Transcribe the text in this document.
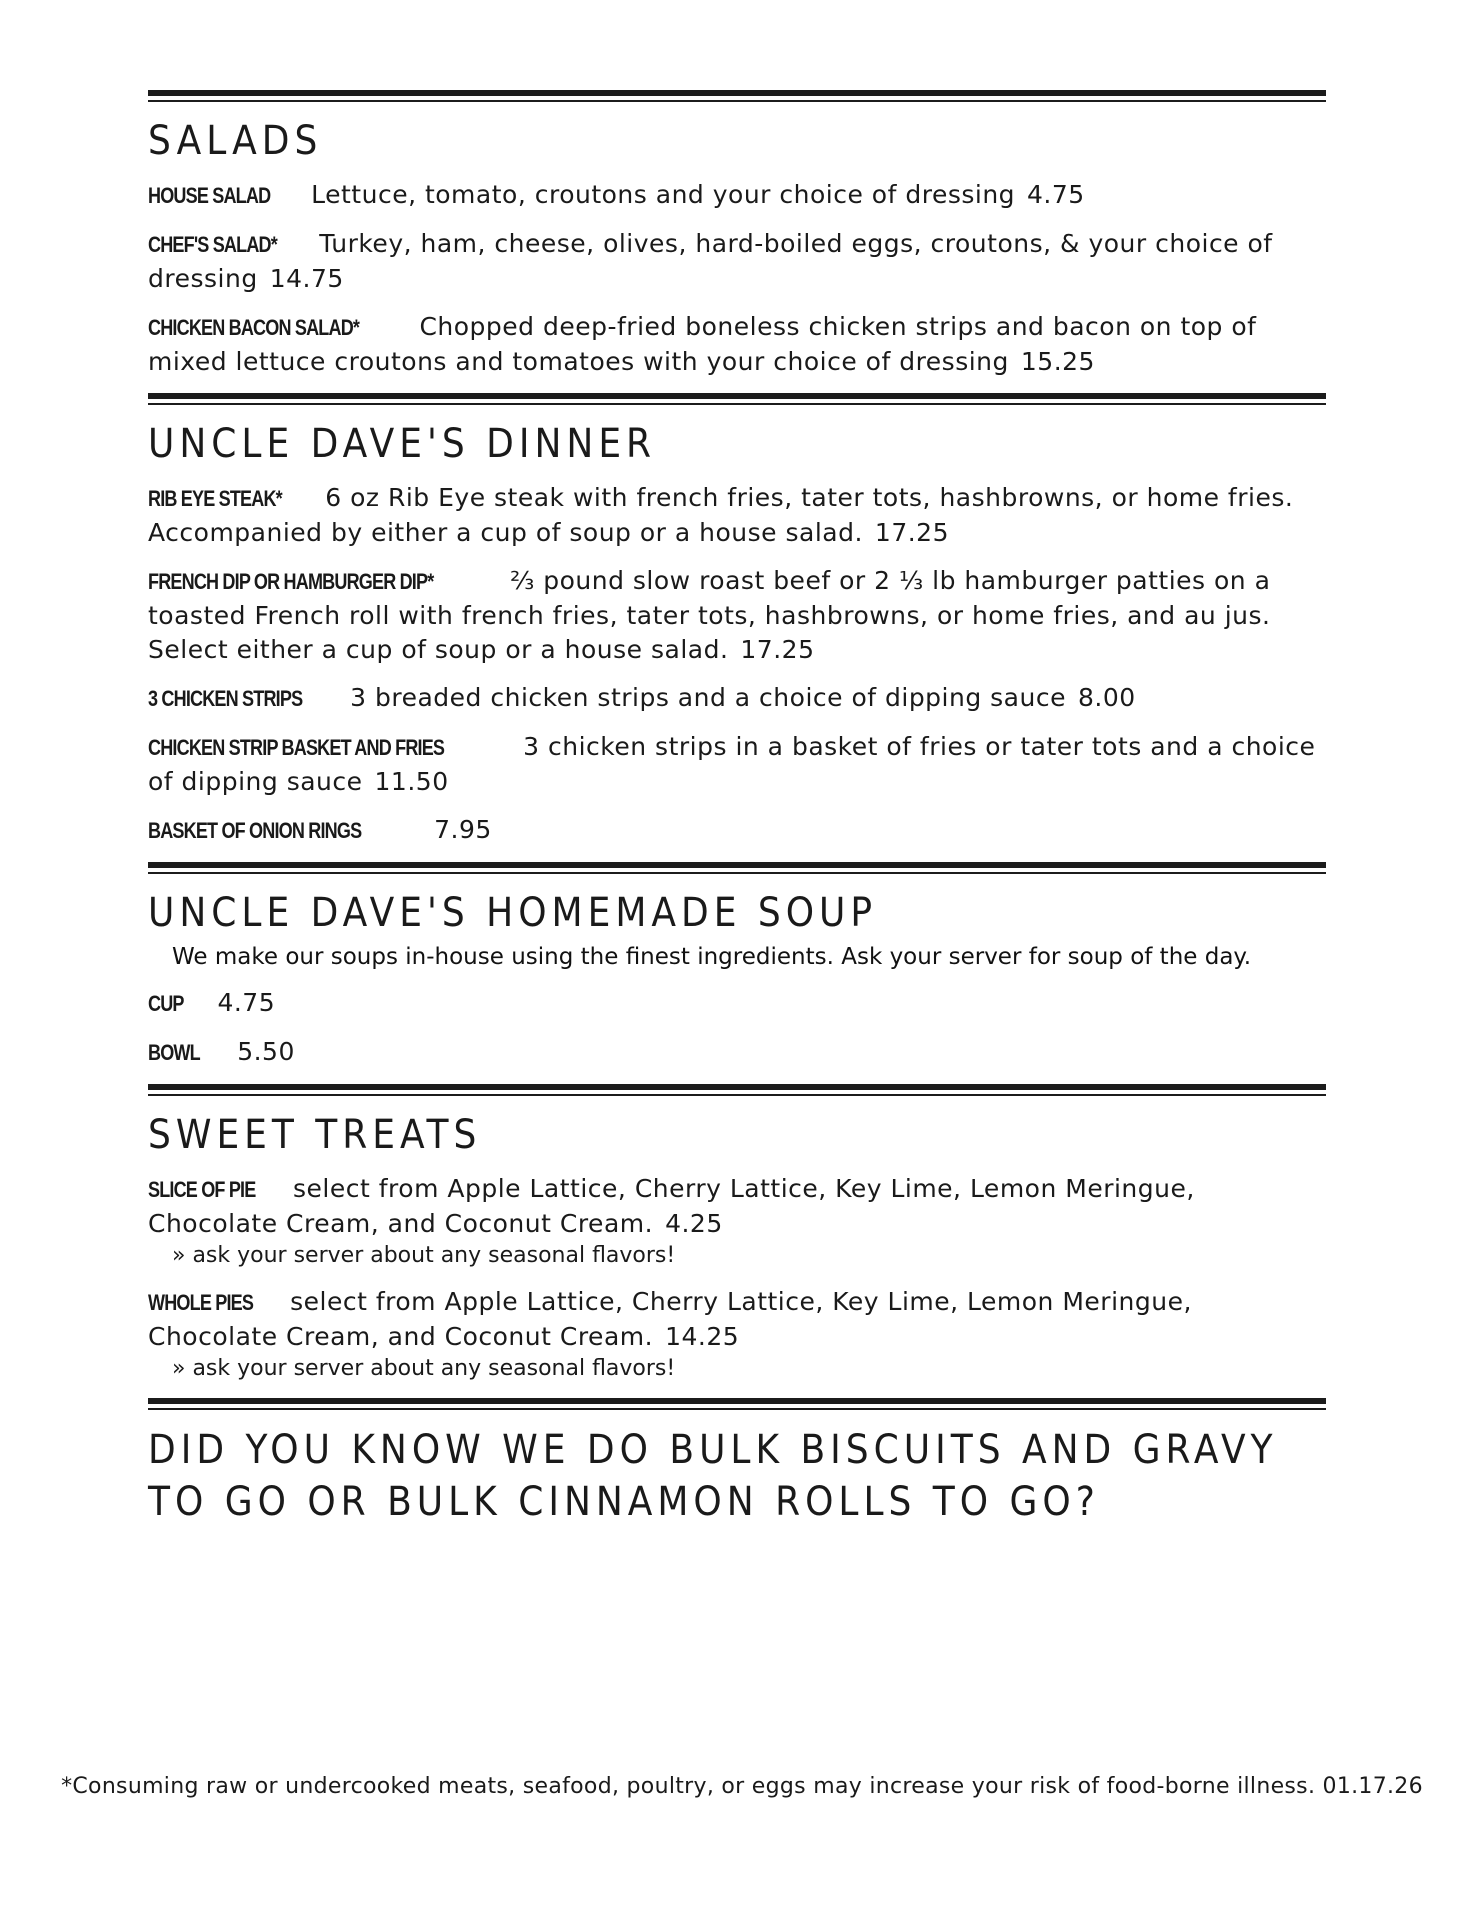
SALADS
HOUSE SALAD Lettuce, tomato, croutons and your choice of dressing 4.75
CHEF'S SALAD* Turkey, ham, cheese, olives, hard-boiled eggs, croutons, & your choice of dressing 14.75
CHICKEN BACON SALAD* Chopped deep-fried boneless chicken strips and bacon on top of mixed lettuce croutons and tomatoes with your choice of dressing 15.25
UNCLE DAVE'S DINNER
RIB EYE STEAK* 6 oz Rib Eye steak with french fries, tater tots, hashbrowns, or home fries. Accompanied by either a cup of soup or a house salad. 17.25
FRENCH DIP OR HAMBURGER DIP*	⅔ pound slow roast beef or 2 ⅓ lb hamburger patties on a toasted French roll with french fries, tater tots, hashbrowns, or home fries, and au jus. Select either a cup of soup or a house salad. 17.25
3 CHICKEN STRIPS 3 breaded chicken strips and a choice of dipping sauce 8.00
CHICKEN STRIP BASKET AND FRIES	3 chicken strips in a basket of fries or tater tots and a choice of dipping sauce 11.50
BASKET OF ONION RINGS	7.95
UNCLE DAVE'S HOMEMADE SOUP
We make our soups in-house using the finest ingredients. Ask your server for soup of the day.
CUP 4.75
BOWL 5.50
SWEET TREATS
SLICE OF PIE select from Apple Lattice, Cherry Lattice, Key Lime, Lemon Meringue, Chocolate Cream, and Coconut Cream. 4.25
» ask your server about any seasonal flavors!
WHOLE PIES select from Apple Lattice, Cherry Lattice, Key Lime, Lemon Meringue, Chocolate Cream, and Coconut Cream. 14.25
» ask your server about any seasonal flavors!
DID YOU KNOW WE DO BULK BISCUITS AND GRAVY TO GO OR BULK CINNAMON ROLLS TO GO?
*Consuming raw or undercooked meats, seafood, poultry, or eggs may increase your risk of food-borne illness. 01.17.26
